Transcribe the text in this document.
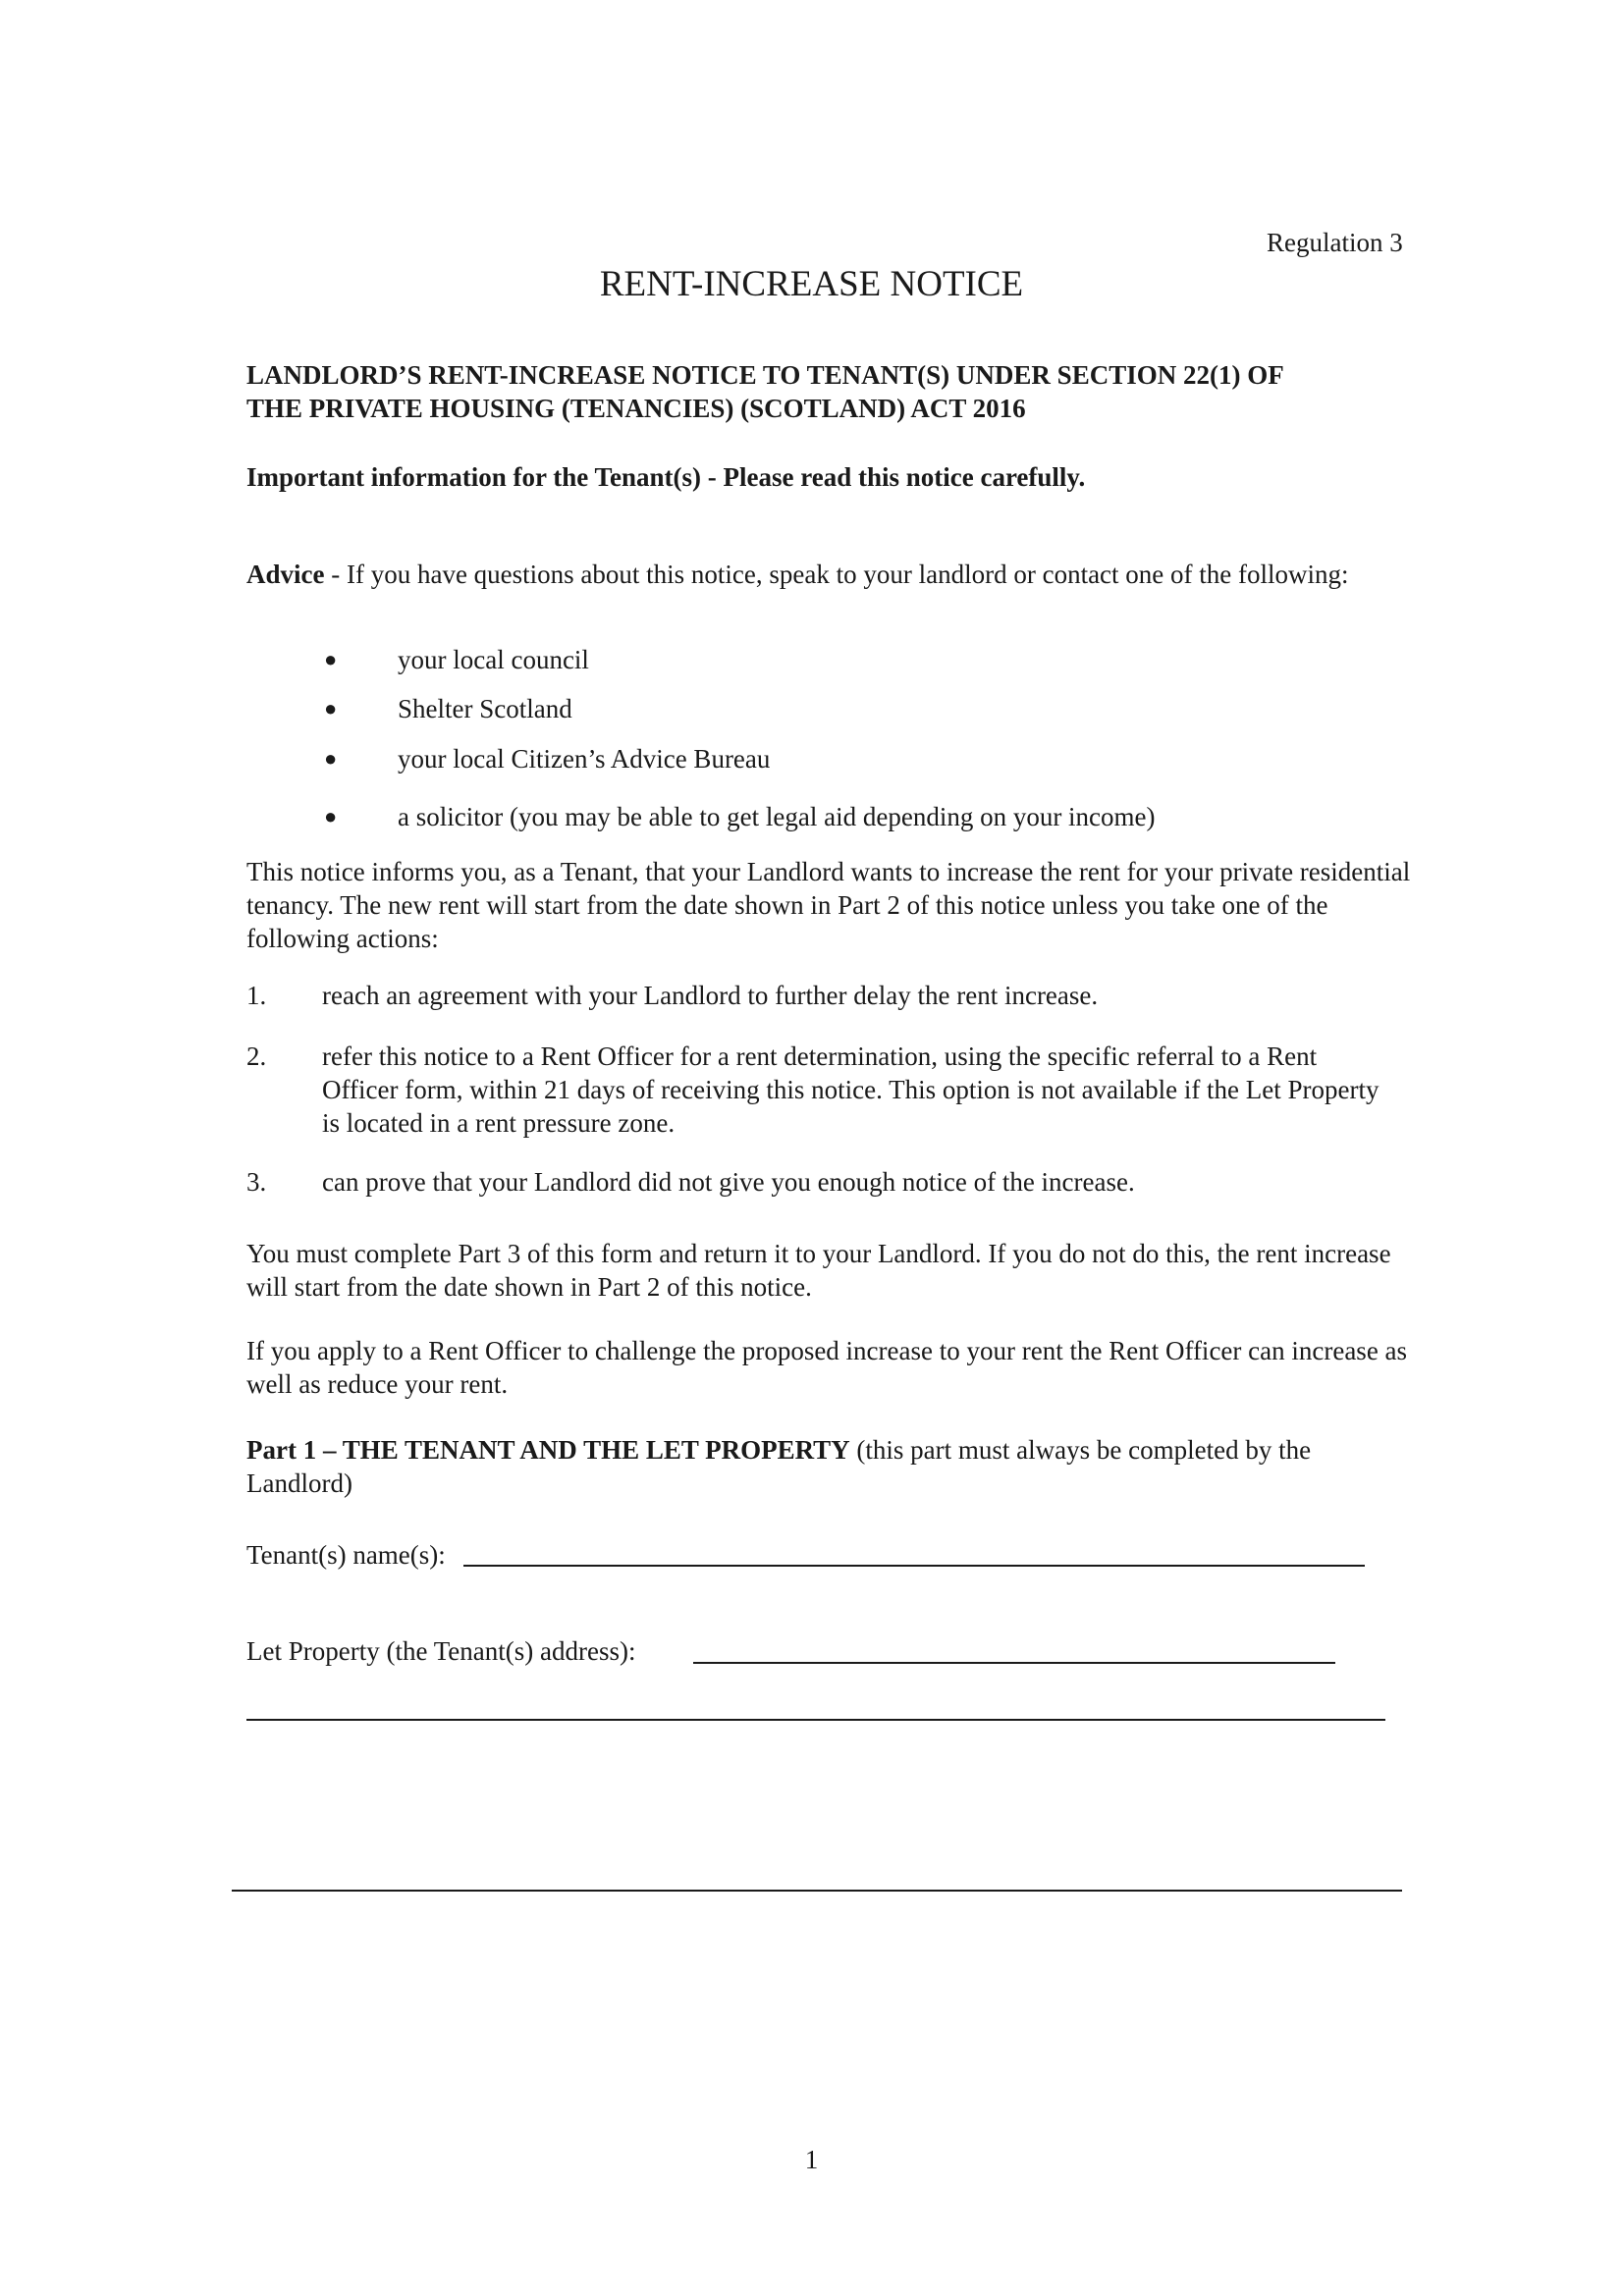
Regulation 3
RENT-INCREASE NOTICE
LANDLORD’S RENT-INCREASE NOTICE TO TENANT(S) UNDER SECTION 22(1) OF
THE PRIVATE HOUSING (TENANCIES) (SCOTLAND) ACT 2016
Important information for the Tenant(s) - Please read this notice carefully.

Advice - If you have questions about this notice, speak to your landlord or contact one of the following:

● your local council
● Shelter Scotland
● your local Citizen’s Advice Bureau
● a solicitor (you may be able to get legal aid depending on your income)

This notice informs you, as a Tenant, that your Landlord wants to increase the rent for your private residential tenancy. The new rent will start from the date shown in Part 2 of this notice unless you take one of the following actions:

1. reach an agreement with your Landlord to further delay the rent increase.
2. refer this notice to a Rent Officer for a rent determination, using the specific referral to a Rent Officer form, within 21 days of receiving this notice. This option is not available if the Let Property is located in a rent pressure zone.
3. can prove that your Landlord did not give you enough notice of the increase.

You must complete Part 3 of this form and return it to your Landlord. If you do not do this, the rent increase will start from the date shown in Part 2 of this notice.

If you apply to a Rent Officer to challenge the proposed increase to your rent the Rent Officer can increase as well as reduce your rent.

Part 1 – THE TENANT AND THE LET PROPERTY (this part must always be completed by the Landlord)

Tenant(s) name(s):
Let Property (the Tenant(s) address):
1
